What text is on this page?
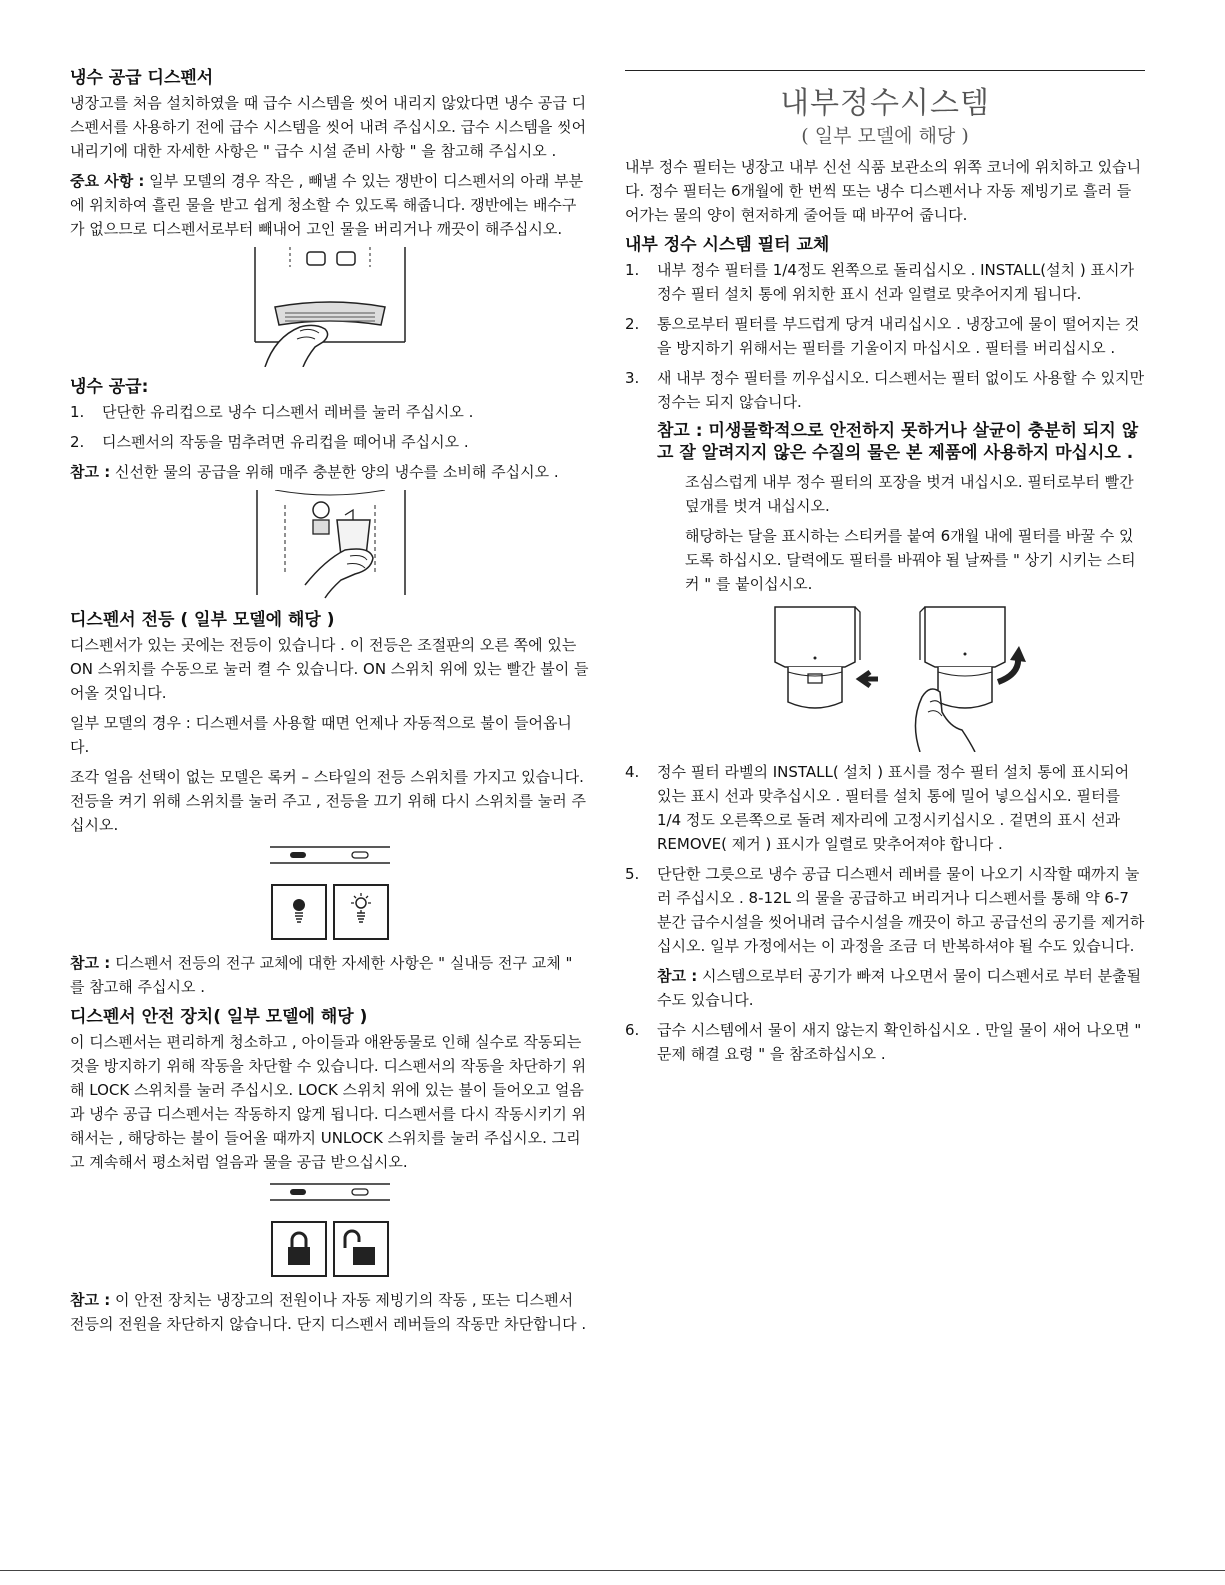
냉수 공급 디스펜서

냉장고를 처음 설치하였을 때 급수 시스템을 씻어 내리지 않았다면 냉수 공급 디스펜서를 사용하기 전에 급수 시스템을 씻어 내려 주십시오. 급수 시스템을 씻어 내리기에 대한 자세한 사항은 " 급수 시설 준비 사항 " 을 참고해 주십시오 .

중요 사항 : 일부 모델의 경우 작은 , 빼낼 수 있는 쟁반이 디스펜서의 아래 부분에 위치하여 흘린 물을 받고 쉽게 청소할 수 있도록 해줍니다. 쟁반에는 배수구가 없으므로 디스펜서로부터 빼내어 고인 물을 버리거나 깨끗이 해주십시오.

냉수 공급:
1. 단단한 유리컵으로 냉수 디스펜서 레버를 눌러 주십시오 .
2. 디스펜서의 작동을 멈추려면 유리컵을 떼어내 주십시오 .

참고 : 신선한 물의 공급을 위해 매주 충분한 양의 냉수를 소비해 주십시오 .

디스펜서 전등 ( 일부 모델에 해당 )

디스펜서가 있는 곳에는 전등이 있습니다 . 이 전등은 조절판의 오른 쪽에 있는 ON 스위치를 수동으로 눌러 켤 수 있습니다. ON 스위치 위에 있는 빨간 불이 들어올 것입니다.

일부 모델의 경우 : 디스펜서를 사용할 때면 언제나 자동적으로 불이 들어옵니다.

조각 얼음 선택이 없는 모델은 록커 – 스타일의 전등 스위치를 가지고 있습니다. 전등을 켜기 위해 스위치를 눌러 주고 , 전등을 끄기 위해 다시 스위치를 눌러 주십시오.

참고 : 디스펜서 전등의 전구 교체에 대한 자세한 사항은 " 실내등 전구 교체 " 를 참고해 주십시오 .

디스펜서 안전 장치( 일부 모델에 해당 )

이 디스펜서는 편리하게 청소하고 , 아이들과 애완동물로 인해 실수로 작동되는 것을 방지하기 위해 작동을 차단할 수 있습니다. 디스펜서의 작동을 차단하기 위해 LOCK 스위치를 눌러 주십시오. LOCK 스위치 위에 있는 불이 들어오고 얼음과 냉수 공급 디스펜서는 작동하지 않게 됩니다. 디스펜서를 다시 작동시키기 위해서는 , 해당하는 불이 들어올 때까지 UNLOCK 스위치를 눌러 주십시오. 그리고 계속해서 평소처럼 얼음과 물을 공급 받으십시오.

참고 : 이 안전 장치는 냉장고의 전원이나 자동 제빙기의 작동 , 또는 디스펜서 전등의 전원을 차단하지 않습니다. 단지 디스펜서 레버들의 작동만 차단합니다 .

내부정수시스템
( 일부 모델에 해당 )

내부 정수 필터는 냉장고 내부 신선 식품 보관소의 위쪽 코너에 위치하고 있습니다. 정수 필터는 6개월에 한 번씩 또는 냉수 디스펜서나 자동 제빙기로 흘러 들어가는 물의 양이 현저하게 줄어들 때 바꾸어 줍니다.

내부 정수 시스템 필터 교체
1. 내부 정수 필터를 1/4정도 왼쪽으로 돌리십시오 . INSTALL(설치 ) 표시가 정수 필터 설치 통에 위치한 표시 선과 일렬로 맞추어지게 됩니다.
2. 통으로부터 필터를 부드럽게 당겨 내리십시오 . 냉장고에 물이 떨어지는 것을 방지하기 위해서는 필터를 기울이지 마십시오 . 필터를 버리십시오 .
3. 새 내부 정수 필터를 끼우십시오. 디스펜서는 필터 없이도 사용할 수 있지만 정수는 되지 않습니다.

참고 : 미생물학적으로 안전하지 못하거나 살균이 충분히 되지 않고 잘 알려지지 않은 수질의 물은 본 제품에 사용하지 마십시오 .

조심스럽게 내부 정수 필터의 포장을 벗겨 내십시오. 필터로부터 빨간 덮개를 벗겨 내십시오.

해당하는 달을 표시하는 스티커를 붙여 6개월 내에 필터를 바꿀 수 있도록 하십시오. 달력에도 필터를 바꿔야 될 날짜를 " 상기 시키는 스티커 " 를 붙이십시오.

4. 정수 필터 라벨의 INSTALL( 설치 ) 표시를 정수 필터 설치 통에 표시되어 있는 표시 선과 맞추십시오 . 필터를 설치 통에 밀어 넣으십시오. 필터를 1/4 정도 오른쪽으로 돌려 제자리에 고정시키십시오 . 겉면의 표시 선과 REMOVE( 제거 ) 표시가 일렬로 맞추어져야 합니다 .
5. 단단한 그릇으로 냉수 공급 디스펜서 레버를 물이 나오기 시작할 때까지 눌러 주십시오 . 8-12L 의 물을 공급하고 버리거나 디스펜서를 통해 약 6-7 분간 급수시설을 씻어내려 급수시설을 깨끗이 하고 공급선의 공기를 제거하십시오. 일부 가정에서는 이 과정을 조금 더 반복하셔야 될 수도 있습니다.

참고 : 시스템으로부터 공기가 빠져 나오면서 물이 디스펜서로 부터 분출될 수도 있습니다.

6. 급수 시스템에서 물이 새지 않는지 확인하십시오 . 만일 물이 새어 나오면 " 문제 해결 요령 " 을 참조하십시오 .
